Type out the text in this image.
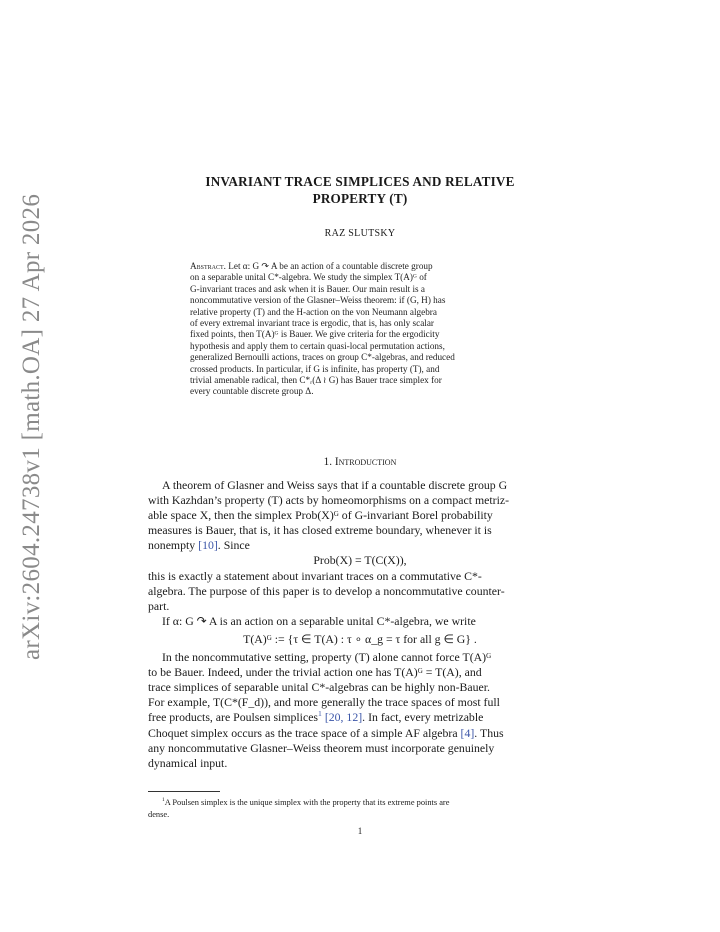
arXiv:2604.24738v1 [math.OA] 27 Apr 2026
INVARIANT TRACE SIMPLICES AND RELATIVE
PROPERTY (T)
RAZ SLUTSKY
Abstract. Let α: G ↷ A be an action of a countable discrete group
on a separable unital C*-algebra. We study the simplex T(A)ᴳ of
G-invariant traces and ask when it is Bauer. Our main result is a
noncommutative version of the Glasner–Weiss theorem: if (G, H) has
relative property (T) and the H-action on the von Neumann algebra
of every extremal invariant trace is ergodic, that is, has only scalar
fixed points, then T(A)ᴳ is Bauer. We give criteria for the ergodicity
hypothesis and apply them to certain quasi-local permutation actions,
generalized Bernoulli actions, traces on group C*-algebras, and reduced
crossed products. In particular, if G is infinite, has property (T), and
trivial amenable radical, then C*ᵣ(Δ ≀ G) has Bauer trace simplex for
every countable discrete group Δ.
1. Introduction
A theorem of Glasner and Weiss says that if a countable discrete group G
with Kazhdan’s property (T) acts by homeomorphisms on a compact metriz-
able space X, then the simplex Prob(X)ᴳ of G-invariant Borel probability
measures is Bauer, that is, it has closed extreme boundary, whenever it is
nonempty [10]. Since
Prob(X) = T(C(X)),
this is exactly a statement about invariant traces on a commutative C*-
algebra. The purpose of this paper is to develop a noncommutative counter-
part.
If α: G ↷ A is an action on a separable unital C*-algebra, we write
T(A)ᴳ := {τ ∈ T(A) : τ ∘ α_g = τ for all g ∈ G} .
In the noncommutative setting, property (T) alone cannot force T(A)ᴳ
to be Bauer. Indeed, under the trivial action one has T(A)ᴳ = T(A), and
trace simplices of separable unital C*-algebras can be highly non-Bauer.
For example, T(C*(F_d)), and more generally the trace spaces of most full
free products, are Poulsen simplices$^1$ [20, 12]. In fact, every metrizable
Choquet simplex occurs as the trace space of a simple AF algebra [4]. Thus
any noncommutative Glasner–Weiss theorem must incorporate genuinely
dynamical input.
$^1$A Poulsen simplex is the unique simplex with the property that its extreme points are
dense.
1
